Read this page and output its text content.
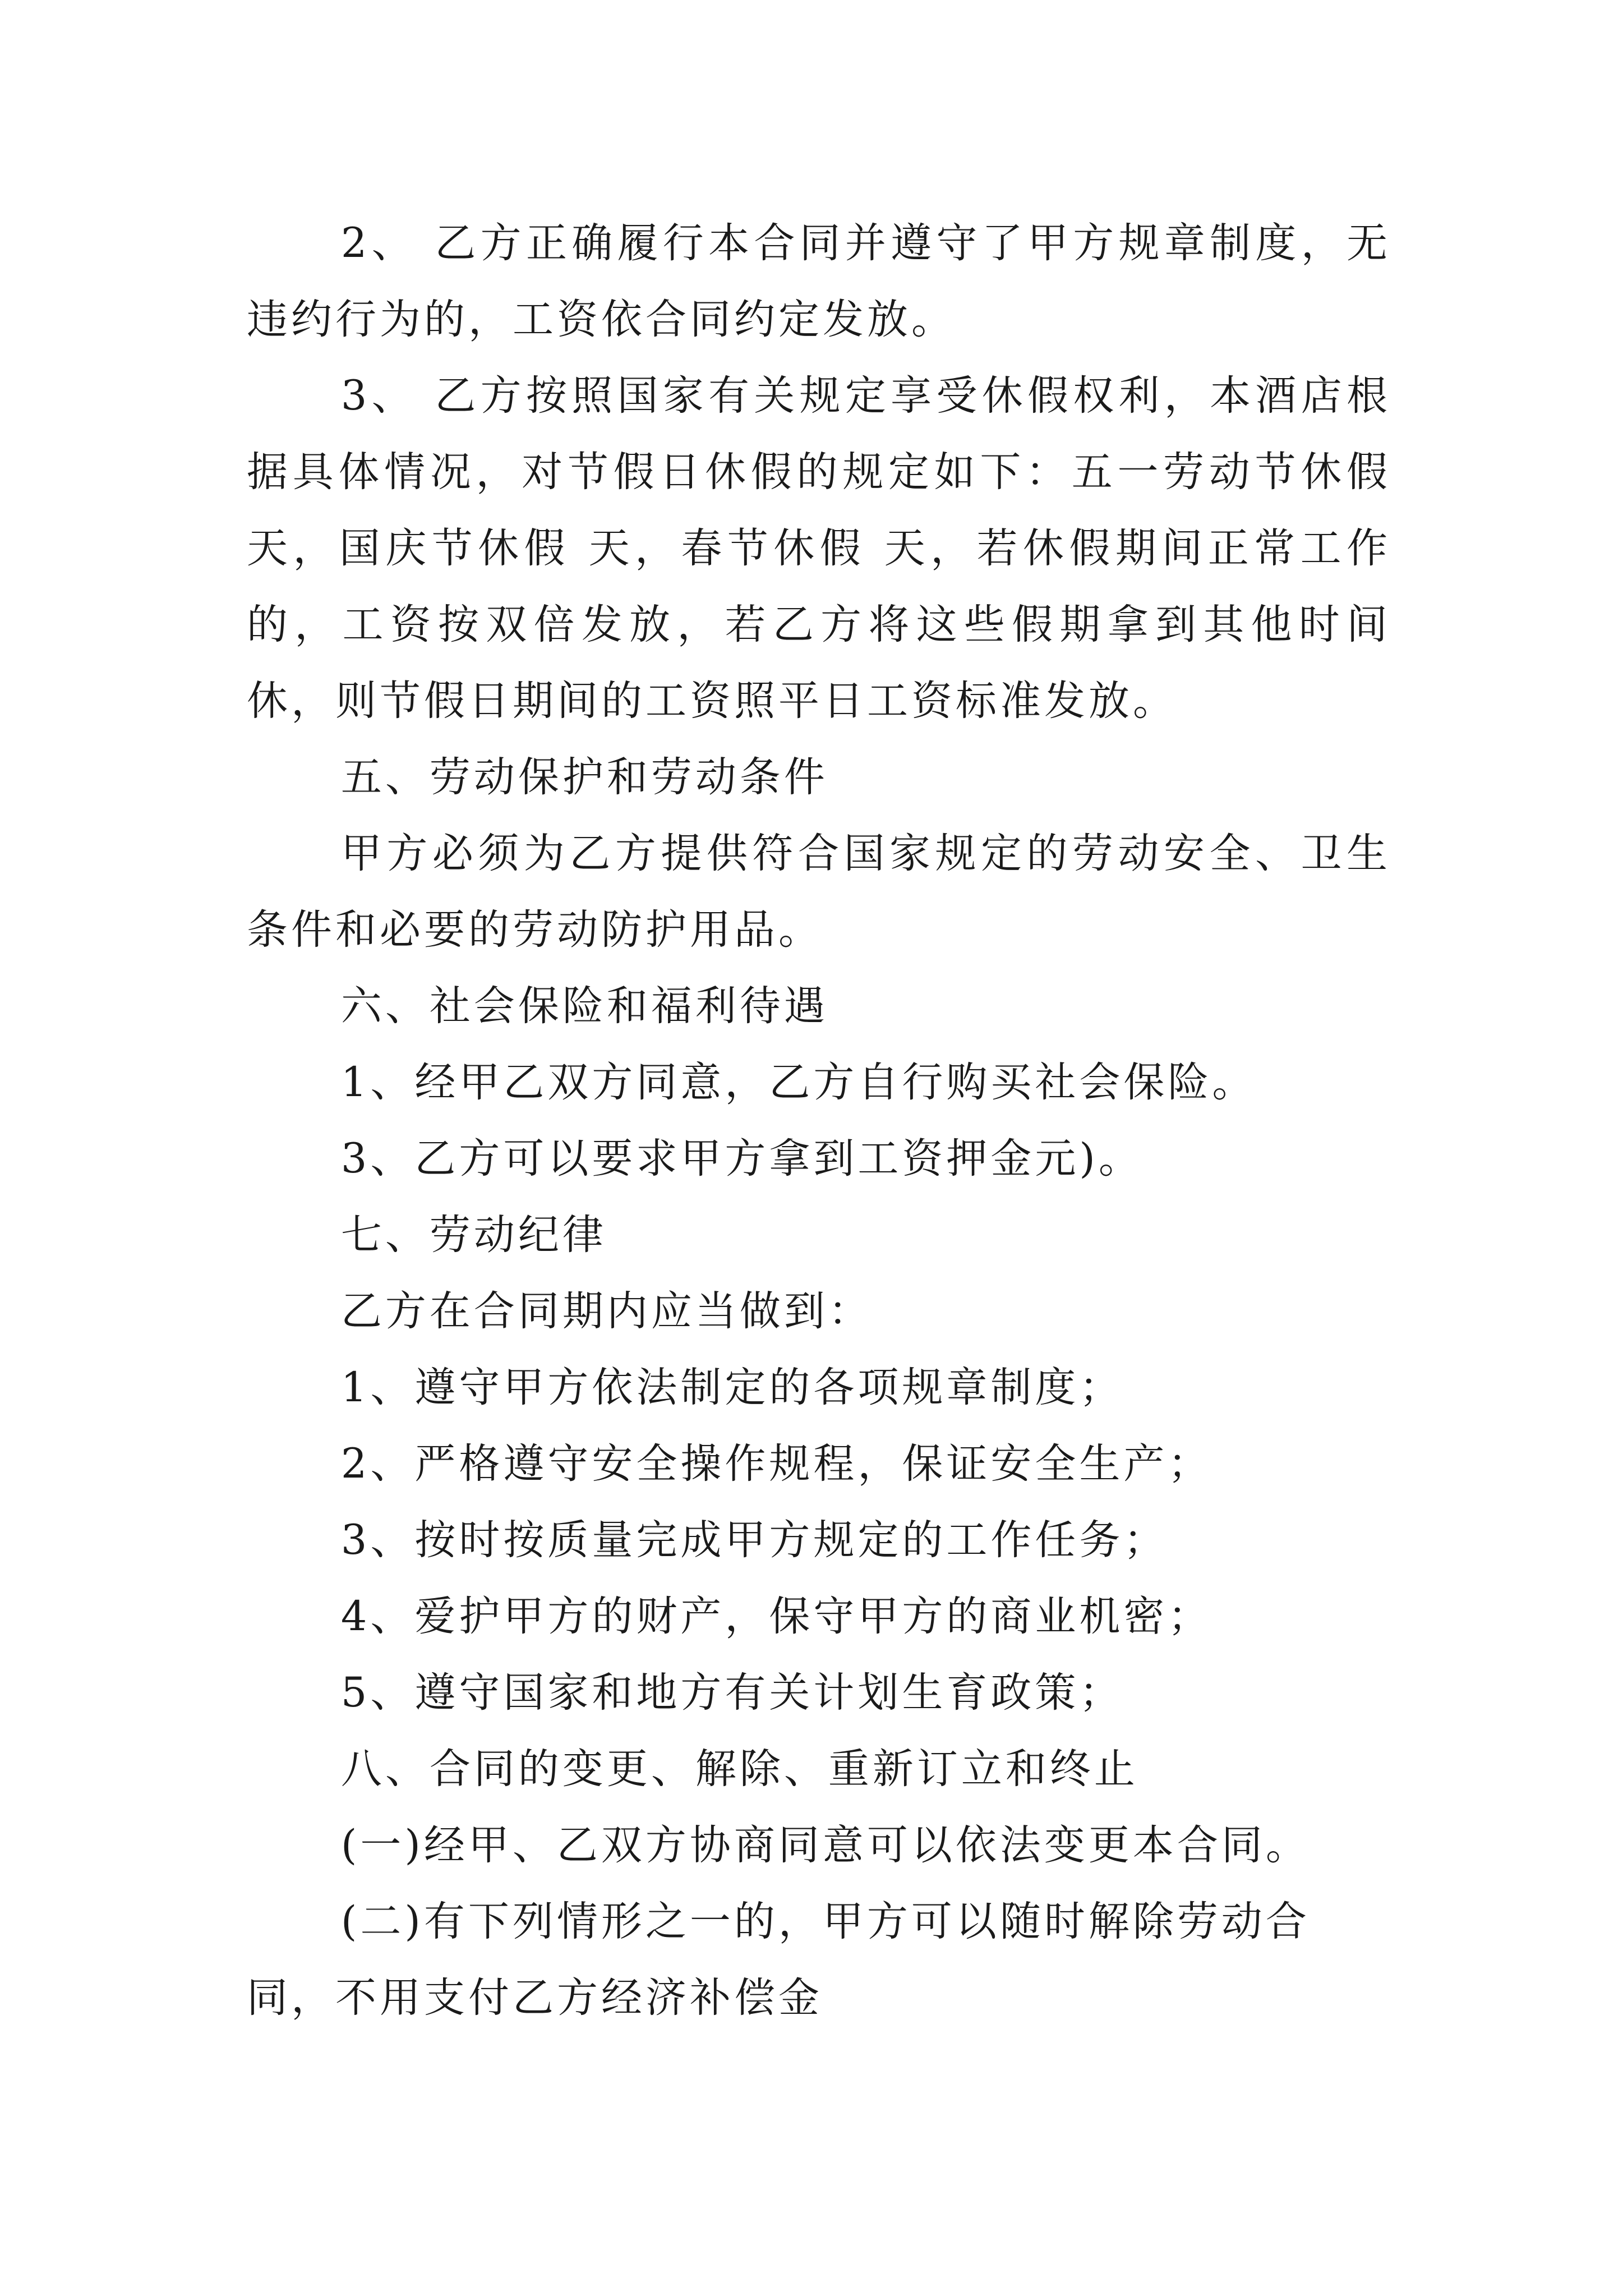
2、 乙方正确履行本合同并遵守了甲方规章制度，无违约行为的，工资依合同约定发放。

3、 乙方按照国家有关规定享受休假权利，本酒店根据具体情况，对节假日休假的规定如下：五一劳动节休假 天，国庆节休假 天，春节休假 天，若休假期间正常工作的，工资按双倍发放，若乙方将这些假期拿到其他时间休，则节假日期间的工资照平日工资标准发放。

五、劳动保护和劳动条件

甲方必须为乙方提供符合国家规定的劳动安全、卫生条件和必要的劳动防护用品。

六、社会保险和福利待遇

1、经甲乙双方同意，乙方自行购买社会保险。

3、乙方可以要求甲方拿到工资押金元)。

七、劳动纪律

乙方在合同期内应当做到：

1、遵守甲方依法制定的各项规章制度；

2、严格遵守安全操作规程，保证安全生产；

3、按时按质量完成甲方规定的工作任务；

4、爱护甲方的财产，保守甲方的商业机密；

5、遵守国家和地方有关计划生育政策；

八、合同的变更、解除、重新订立和终止

(一)经甲、乙双方协商同意可以依法变更本合同。

(二)有下列情形之一的，甲方可以随时解除劳动合同，不用支付乙方经济补偿金
